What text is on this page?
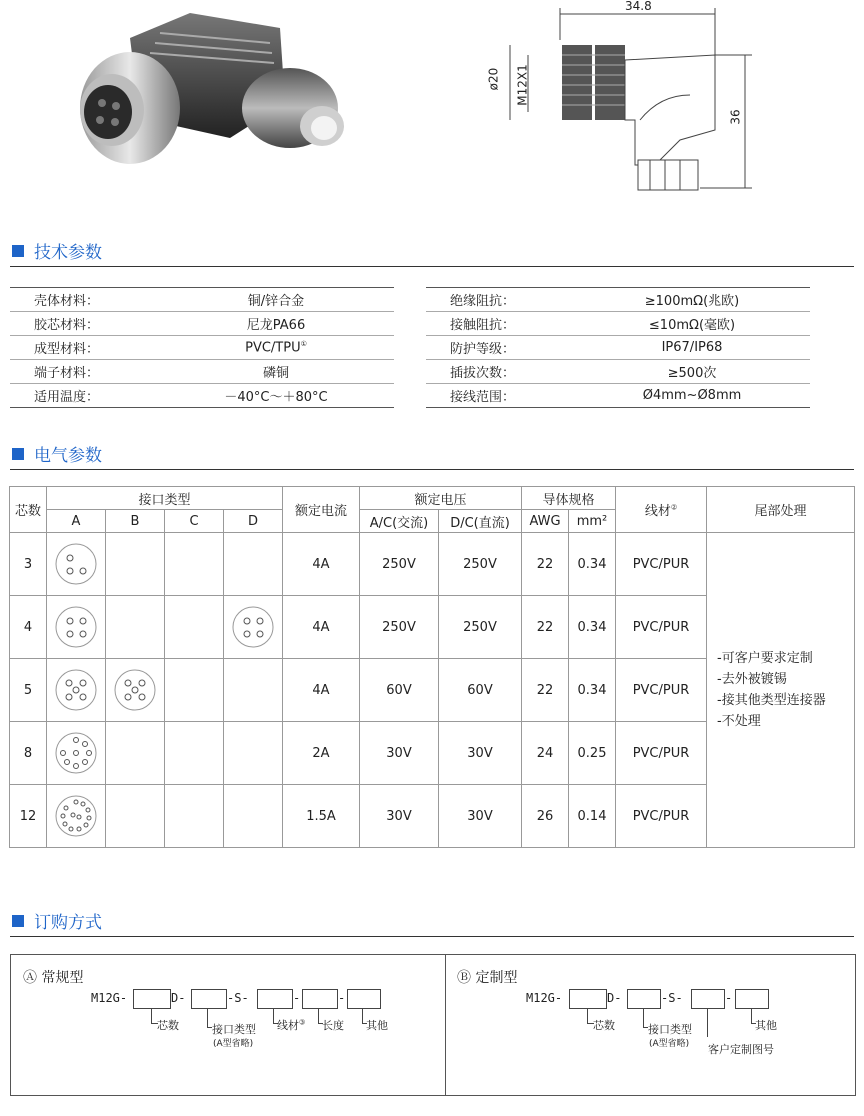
34.8
ø20 M12X1
36
技术参数
壳体材料：	铜/锌合金
胶芯材料：	尼龙PA66
成型材料：	PVC/TPU①
端子材料：	磷铜
适用温度：	－40°C～＋80°C
绝缘阻抗：	≥100mΩ(兆欧)
接触阻抗：	≤10mΩ(毫欧)
防护等级：	IP67/IP68
插拔次数：	≥500次
接线范围：	Ø4mm~Ø8mm
电气参数
芯数	接口类型				额定电流	额定电压		导体规格		线材②	尾部处理
	A	B	C	D		A/C(交流)	D/C(直流)	AWG	mm²		
3					4A	250V	250V	22	0.34	PVC/PUR	-可客户要求定制
-去外被镀锡
-接其他类型连接器
-不处理

4					4A	250V	250V	22	0.34	PVC/PUR	
5					4A	60V	60V	22	0.34	PVC/PUR	
8					2A	30V	30V	24	0.25	PVC/PUR	
12					1.5A	30V	30V	26	0.14	PVC/PUR	
订购方式
Ⓐ 常规型
M12G-	D-	-S-	-	-
芯数	接口类型
(A型省略)
线材③ 长度 其他
Ⓑ 定制型
M12G-	D-	-S-	-
芯数	接口类型
(A型省略) 客户定制图号
其他
